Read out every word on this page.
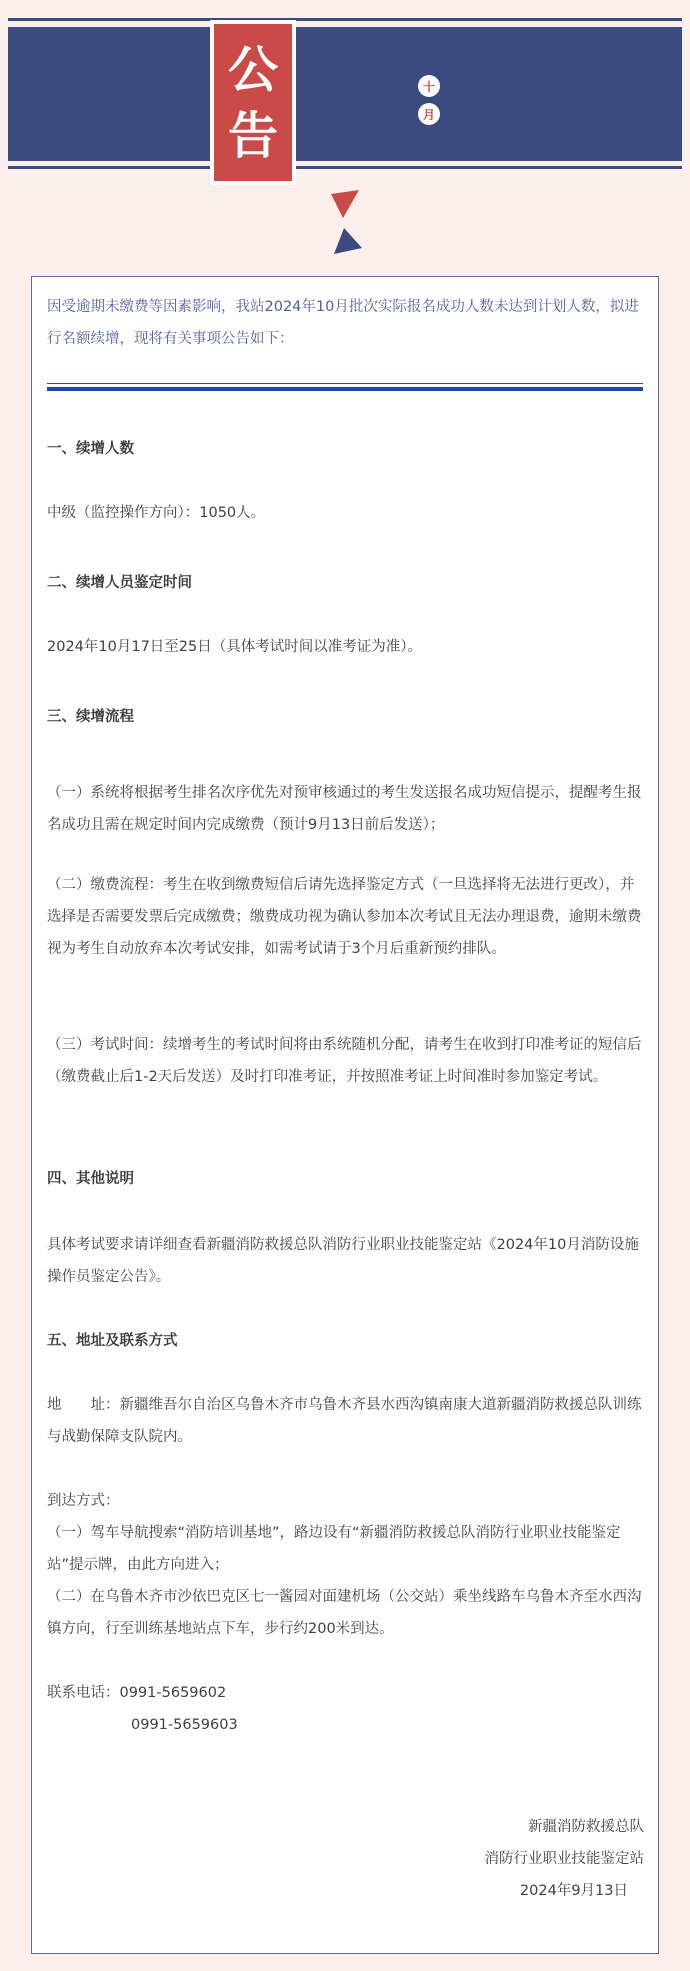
公
告
十
月
因受逾期未缴费等因素影响，我站2024年10月批次实际报名成功人数未达到计划人数，拟进行名额续增，现将有关事项公告如下：
一、续增人数
中级（监控操作方向）：1050人。
二、续增人员鉴定时间
2024年10月17日至25日（具体考试时间以准考证为准）。
三、续增流程
（一）系统将根据考生排名次序优先对预审核通过的考生发送报名成功短信提示，提醒考生报名成功且需在规定时间内完成缴费（预计9月13日前后发送）；
（二）缴费流程：考生在收到缴费短信后请先选择鉴定方式（一旦选择将无法进行更改），并选择是否需要发票后完成缴费；缴费成功视为确认参加本次考试且无法办理退费，逾期未缴费视为考生自动放弃本次考试安排，如需考试请于3个月后重新预约排队。
（三）考试时间：续增考生的考试时间将由系统随机分配，请考生在收到打印准考证的短信后（缴费截止后1-2天后发送）及时打印准考证，并按照准考证上时间准时参加鉴定考试。
四、其他说明
具体考试要求请详细查看新疆消防救援总队消防行业职业技能鉴定站《2024年10月消防设施操作员鉴定公告》。
五、地址及联系方式
地　　址：新疆维吾尔自治区乌鲁木齐市乌鲁木齐县水西沟镇南康大道新疆消防救援总队训练与战勤保障支队院内。
到达方式：
（一）驾车导航搜索“消防培训基地”，路边设有“新疆消防救援总队消防行业职业技能鉴定站”提示牌，由此方向进入；
（二）在乌鲁木齐市沙依巴克区七一酱园对面建机场（公交站）乘坐线路车乌鲁木齐至水西沟镇方向，行至训练基地站点下车，步行约200米到达。
联系电话：0991-5659602
0991-5659603
新疆消防救援总队
消防行业职业技能鉴定站
2024年9月13日
